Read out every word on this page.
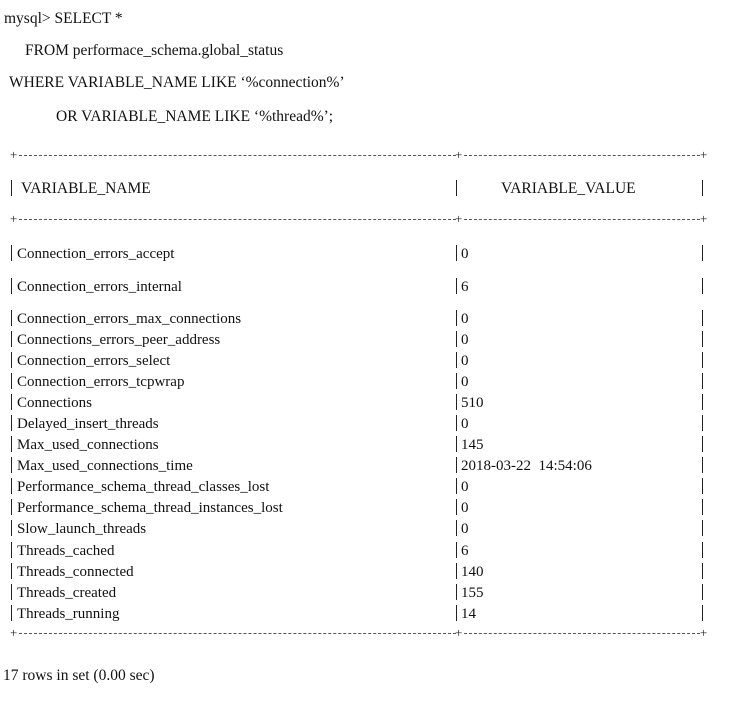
mysql> SELECT *
FROM performace_schema.global_status
WHERE VARIABLE_NAME LIKE ‘%connection%’
OR VARIABLE_NAME LIKE ‘%thread%’;
+	+	+
VARIABLE_NAME	VARIABLE_VALUE
+	+	+
Connection_errors_accept	0
Connection_errors_internal	6
Connection_errors_max_connections	0
Connections_errors_peer_address	0
Connection_errors_select	0
Connection_errors_tcpwrap	0
Connections	510
Delayed_insert_threads	0
Max_used_connections	145
Max_used_connections_time	2018-03-22  14:54:06
Performance_schema_thread_classes_lost	0
Performance_schema_thread_instances_lost	0
Slow_launch_threads	0
Threads_cached	6
Threads_connected	140
Threads_created	155
Threads_running	14
+	+	+
17 rows in set (0.00 sec)
